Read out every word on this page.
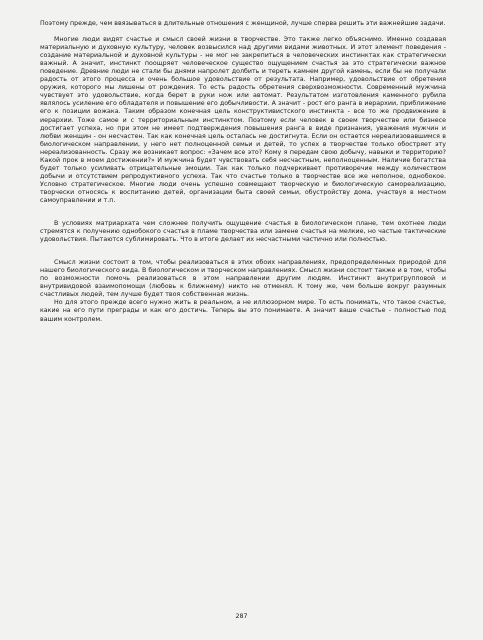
Поэтому прежде, чем ввязываться в длительные отношения с женщиной, лучше сперва решить эти важнейшие задачи.

Многие люди видят счастье и смысл своей жизни в творчестве. Это также легко объяснимо. Именно создавая материальную и духовную культуру, человек возвысился над другими видами животных. И этот элемент поведения - создание материальной и духовной культуры - не мог не закрепиться в человеческих инстинктах как стратегически важный. А значит, инстинкт поощряет человеческое существо ощущением счастья за это стратегически важное поведение. Древние люди не стали бы днями напролет долбить и тереть камнем другой камень, если бы не получали радость от этого процесса и очень большое удовольствие от результата. Например, удовольствие от обретения оружия, которого мы лишены от рождения. То есть радость обретения сверхвозможности. Современный мужчина чувствует это удовольствие, когда берет в руки нож или автомат. Результатом изготовления каменного рубила являлось усиление его обладателя и повышение его добычливости. А значит - рост его ранга в иерархии, приближение его к позиции вожака. Таким образом конечная цель конструктивистского инстинкта - все то же продвижение в иерархии. Тоже самое и с территориальным инстинктом. Поэтому если человек в своем творчестве или бизнесе достигает успеха, но при этом не имеет подтверждения повышения ранга в виде признания, уважения мужчин и любви женщин - он несчастен. Так как конечная цель осталась не достигнута. Если он остается нереализовавшимся в биологическом направлении, у него нет полноценной семьи и детей, то успех в творчестве только обостряет эту нереализованность. Сразу же возникает вопрос: «Зачем все это? Кому я передам свою добычу, навыки и территорию? Какой прок в моем достижении?» И мужчина будет чувствовать себя несчастным, неполноценным. Наличие богатства будет только усиливать отрицательные эмоции. Так как только подчеркивает противоречие между количеством добычи и отсутствием репродуктивного успеха. Так что счастье только в творчестве все же неполное, однобокое. Условно стратегическое. Многие люди очень успешно совмещают творческую и биологическую самореализацию, творчески относясь к воспитанию детей, организации быта своей семьи, обустройству дома, участвуя в местном самоуправлении и т.п.

В условиях матриархата чем сложнее получить ощущение счастья в биологическом плане, тем охотнее люди стремятся к получению однобокого счастья в пламе творчества или замене счастья на мелкие, но частые тактические удовольствия. Пытаются сублимировать. Что в итоге делает их несчастными частично или полностью.

Смысл жизни состоит в том, чтобы реализоваться в этих обоих направлениях, предопределенных природой для нашего биологического вида. В биологическом и творческом направлениях. Смысл жизни состоит также и в том, чтобы по возможности помочь реализоваться в этом направлении другим людям. Инстинкт внутригрупповой и внутривидовой взаимопомощи (любовь к ближнему) никто не отменял. К тому же, чем больше вокруг разумных счастливых людей, тем лучше будет твоя собственная жизнь.

Но для этого прежде всего нужно жить в реальном, а не иллюзорном мире. То есть понимать, что такое счастье, какие на его пути преграды и как его достичь. Теперь вы это понимаете. А значит ваше счастье - полностью под вашим контролем.

287
